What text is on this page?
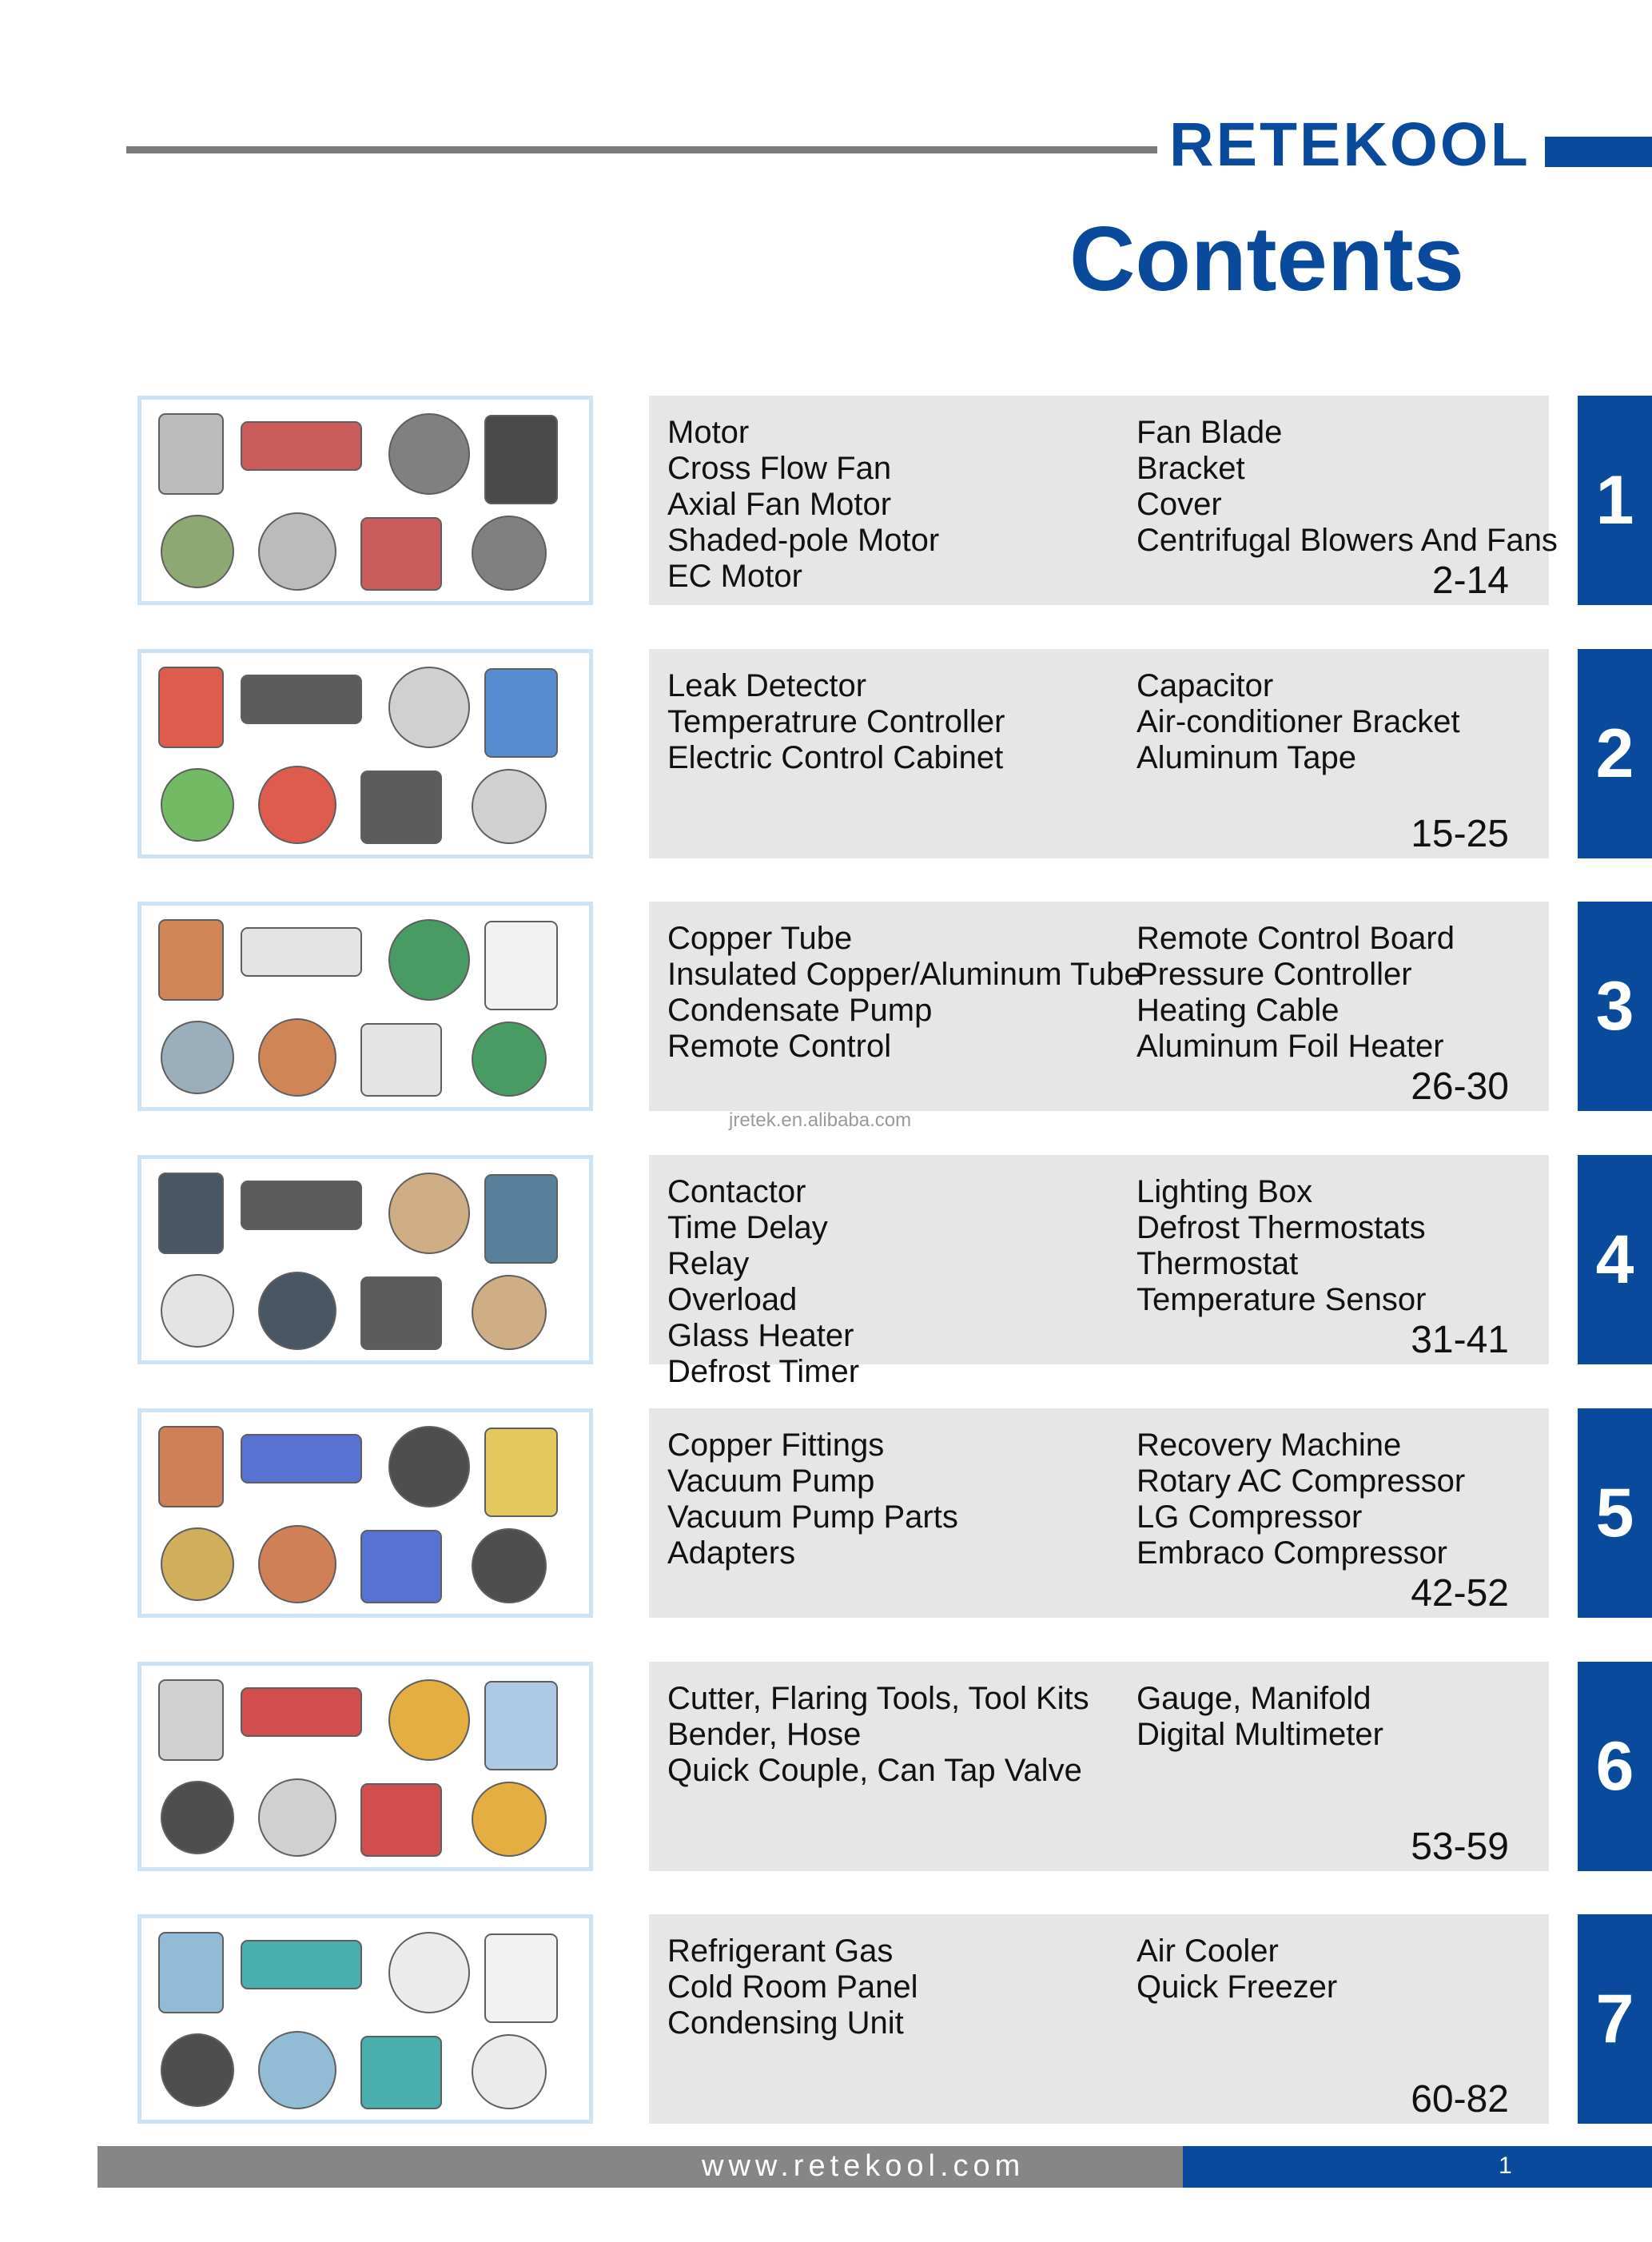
RETEKOOL
Contents
Motor
Cross Flow Fan
Axial Fan Motor
Shaded-pole Motor
EC Motor
Fan Blade
Bracket
Cover
Centrifugal Blowers And Fans
2-14
1
Leak Detector
Temperatrure Controller
Electric Control Cabinet
Capacitor
Air-conditioner Bracket
Aluminum Tape
15-25
2
Copper Tube
Insulated Copper/Aluminum Tube
Condensate Pump
Remote Control
Remote Control Board
Pressure Controller
Heating Cable
Aluminum Foil Heater
26-30
3
Contactor
Time Delay
Relay
Overload
Glass Heater
Defrost Timer
Lighting Box
Defrost Thermostats
Thermostat
Temperature Sensor
31-41
4
Copper Fittings
Vacuum Pump
Vacuum Pump Parts
Adapters
Recovery Machine
Rotary AC Compressor
LG Compressor
Embraco Compressor
42-52
5
Cutter, Flaring Tools, Tool Kits
Bender, Hose
Quick Couple, Can Tap Valve
Gauge, Manifold
Digital Multimeter
53-59
6
Refrigerant Gas
Cold Room Panel
Condensing Unit
Air Cooler
Quick Freezer
60-82
7
jretek.en.alibaba.com
www.retekool.com	1
